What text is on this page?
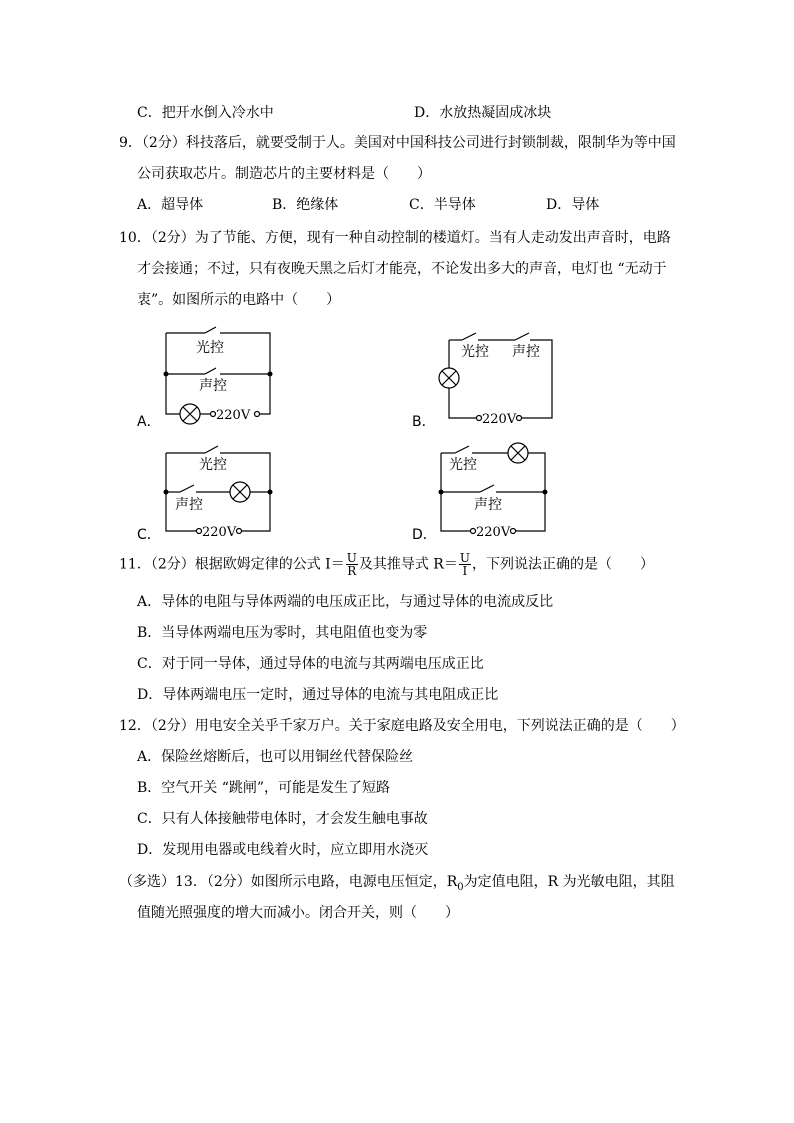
C．把开水倒入冷水中	D．水放热凝固成冰块
9．（2分）科技落后，就要受制于人。美国对中国科技公司进行封锁制裁，限制华为等中国
公司获取芯片。制造芯片的主要材料是（　　）
A．超导体	B．绝缘体	C．半导体	D．导体
10．（2分）为了节能、方便，现有一种自动控制的楼道灯。当有人走动发出声音时，电路
才会接通；不过，只有夜晚天黑之后灯才能亮，不论发出多大的声音，电灯也 “无动于
衷”。如图所示的电路中（　　）
光控
声控
220V
A．
光控 声控
220V
B．
光控
声控
220V
C．
光控
声控
220V
D．
11．（2分）根据欧姆定律的公式 $I= \frac{U}{R}$ 及其推导式 $R= \frac{U}{I}$ ，下列说法正确的是（　　）
A．导体的电阻与导体两端的电压成正比，与通过导体的电流成反比
B．当导体两端电压为零时，其电阻值也变为零
C．对于同一导体，通过导体的电流与其两端电压成正比
D．导体两端电压一定时，通过导体的电流与其电阻成正比
12．（2分）用电安全关乎千家万户。关于家庭电路及安全用电，下列说法正确的是（　　）
A．保险丝熔断后，也可以用铜丝代替保险丝
B．空气开关 “跳闸”，可能是发生了短路
C．只有人体接触带电体时，才会发生触电事故
D．发现用电器或电线着火时，应立即用水浇灭
（多选）13．（2分）如图所示电路，电源电压恒定，$R_0$为定值电阻，R 为光敏电阻，其阻
值随光照强度的增大而减小。闭合开关，则（　　）
